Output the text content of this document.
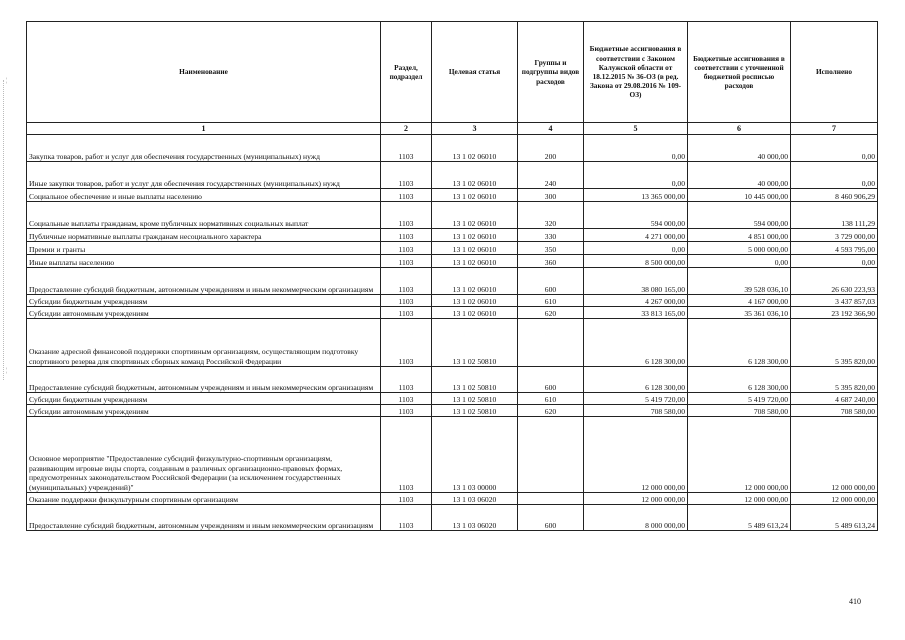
¦
¦
Наименование	Раздел, подраздел	Целевая статья	Группы и подгруппы видов расходов	Бюджетные ассигнования в соответствии с Законом Калужской области от 18.12.2015 № 36-ОЗ (в ред. Закона от 29.08.2016 № 109-ОЗ)	Бюджетные ассигнования в соответствии с уточненной бюджетной росписью расходов	Исполнено
1	2	3	4	5	6	7
Закупка товаров, работ и услуг для обеспечения государственных (муниципальных) нужд	1103	13 1 02 06010	200	0,00	40 000,00	0,00
Иные закупки товаров, работ и услуг для обеспечения государственных (муниципальных) нужд	1103	13 1 02 06010	240	0,00	40 000,00	0,00
Социальное обеспечение и иные выплаты населению	1103	13 1 02 06010	300	13 365 000,00	10 445 000,00	8 460 906,29
Социальные выплаты гражданам, кроме публичных нормативных социальных выплат	1103	13 1 02 06010	320	594 000,00	594 000,00	138 111,29
Публичные нормативные выплаты гражданам несоциального характера	1103	13 1 02 06010	330	4 271 000,00	4 851 000,00	3 729 000,00
Премии и гранты	1103	13 1 02 06010	350	0,00	5 000 000,00	4 593 795,00
Иные выплаты населению	1103	13 1 02 06010	360	8 500 000,00	0,00	0,00
Предоставление субсидий бюджетным, автономным учреждениям и иным некоммерческим организациям	1103	13 1 02 06010	600	38 080 165,00	39 528 036,10	26 630 223,93
Субсидии бюджетным учреждениям	1103	13 1 02 06010	610	4 267 000,00	4 167 000,00	3 437 857,03
Субсидии автономным учреждениям	1103	13 1 02 06010	620	33 813 165,00	35 361 036,10	23 192 366,90
Оказание адресной финансовой поддержки спортивным организациям, осуществляющим подготовку спортивного резерва для спортивных сборных команд Российской Федерации	1103	13 1 02 50810		6 128 300,00	6 128 300,00	5 395 820,00
Предоставление субсидий бюджетным, автономным учреждениям и иным некоммерческим организациям	1103	13 1 02 50810	600	6 128 300,00	6 128 300,00	5 395 820,00
Субсидии бюджетным учреждениям	1103	13 1 02 50810	610	5 419 720,00	5 419 720,00	4 687 240,00
Субсидии автономным учреждениям	1103	13 1 02 50810	620	708 580,00	708 580,00	708 580,00
Основное мероприятие "Предоставление субсидий физкультурно-спортивным организациям, развивающим игровые виды спорта, созданным в различных организационно-правовых формах, предусмотренных законодательством Российской Федерации (за исключением государственных (муниципальных) учреждений)"	1103	13 1 03 00000		12 000 000,00	12 000 000,00	12 000 000,00
Оказание поддержки физкультурным спортивным организациям	1103	13 1 03 06020		12 000 000,00	12 000 000,00	12 000 000,00
Предоставление субсидий бюджетным, автономным учреждениям и иным некоммерческим организациям	1103	13 1 03 06020	600	8 000 000,00	5 489 613,24	5 489 613,24
410
